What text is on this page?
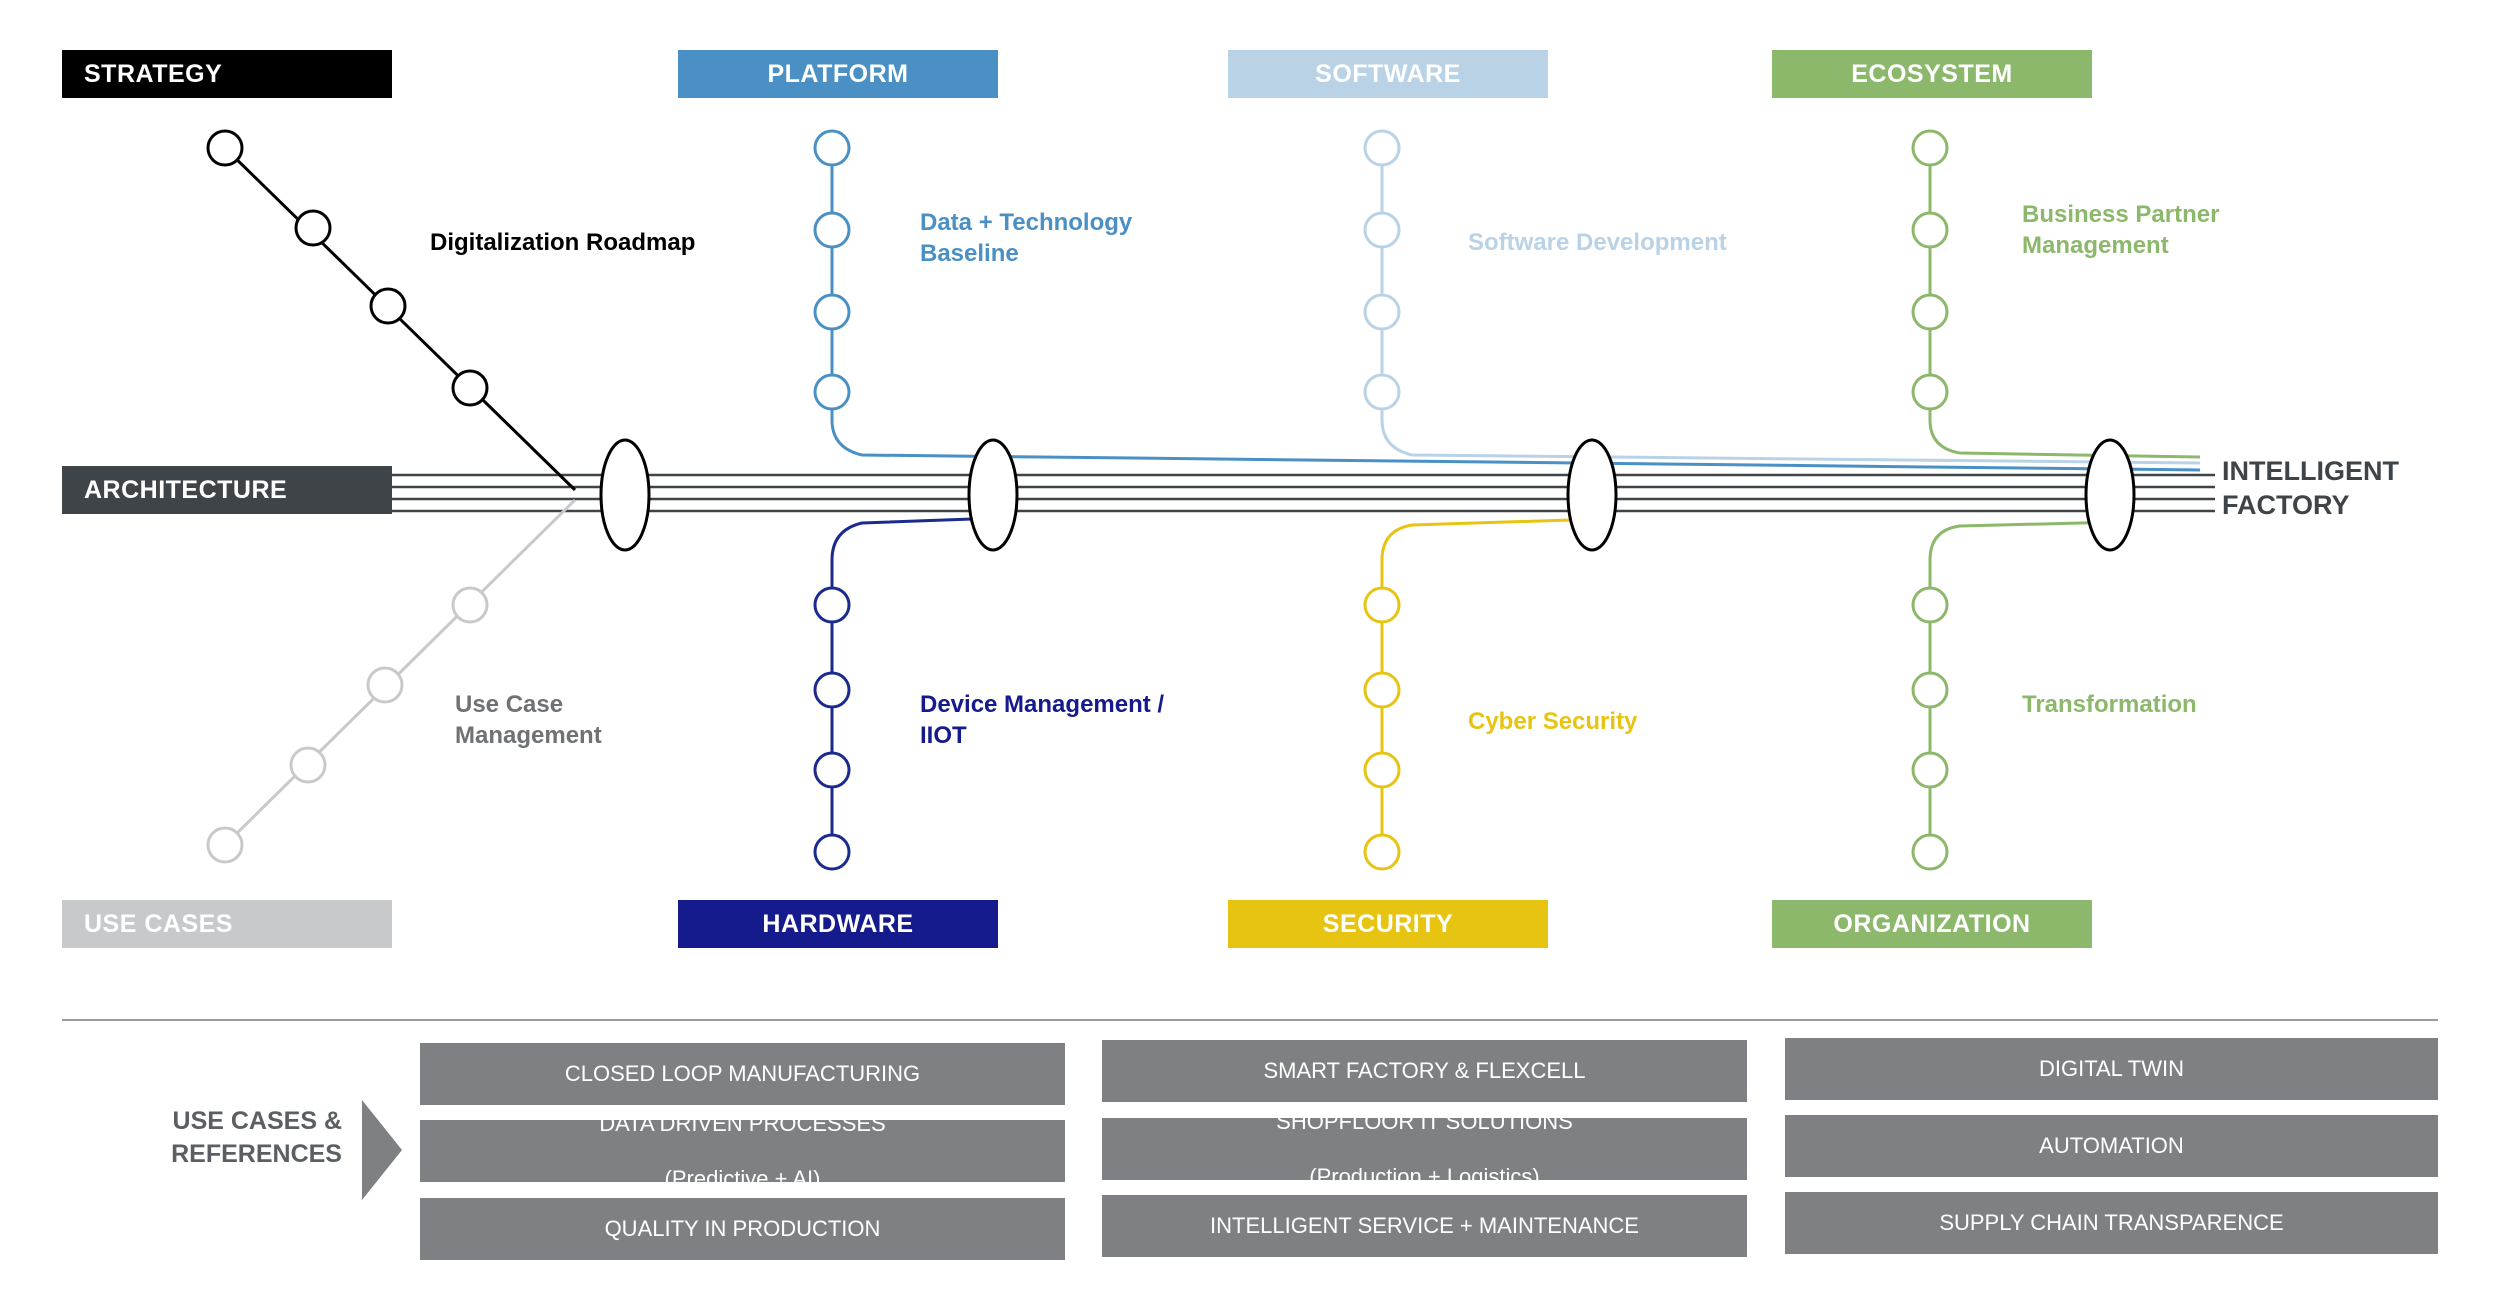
STRATEGY	PLATFORM	SOFTWARE	ECOSYSTEM
ARCHITECTURE
USE CASES	HARDWARE	SECURITY	ORGANIZATION
Digitalization Roadmap
Data + Technology
Baseline	Software Development
Business Partner
Management
Use Case
Management
Device Management /
IIOT
Cyber Security
Transformation
INTELLIGENT
FACTORY
USE CASES &
REFERENCES
CLOSED LOOP MANUFACTURING
DATA DRIVEN PROCESSES

(Predictive + AI)
QUALITY IN PRODUCTION
SMART FACTORY & FLEXCELL
SHOPFLOOR IT SOLUTIONS

(Production + Logistics)
INTELLIGENT SERVICE + MAINTENANCE
DIGITAL TWIN
AUTOMATION
SUPPLY CHAIN TRANSPARENCE
